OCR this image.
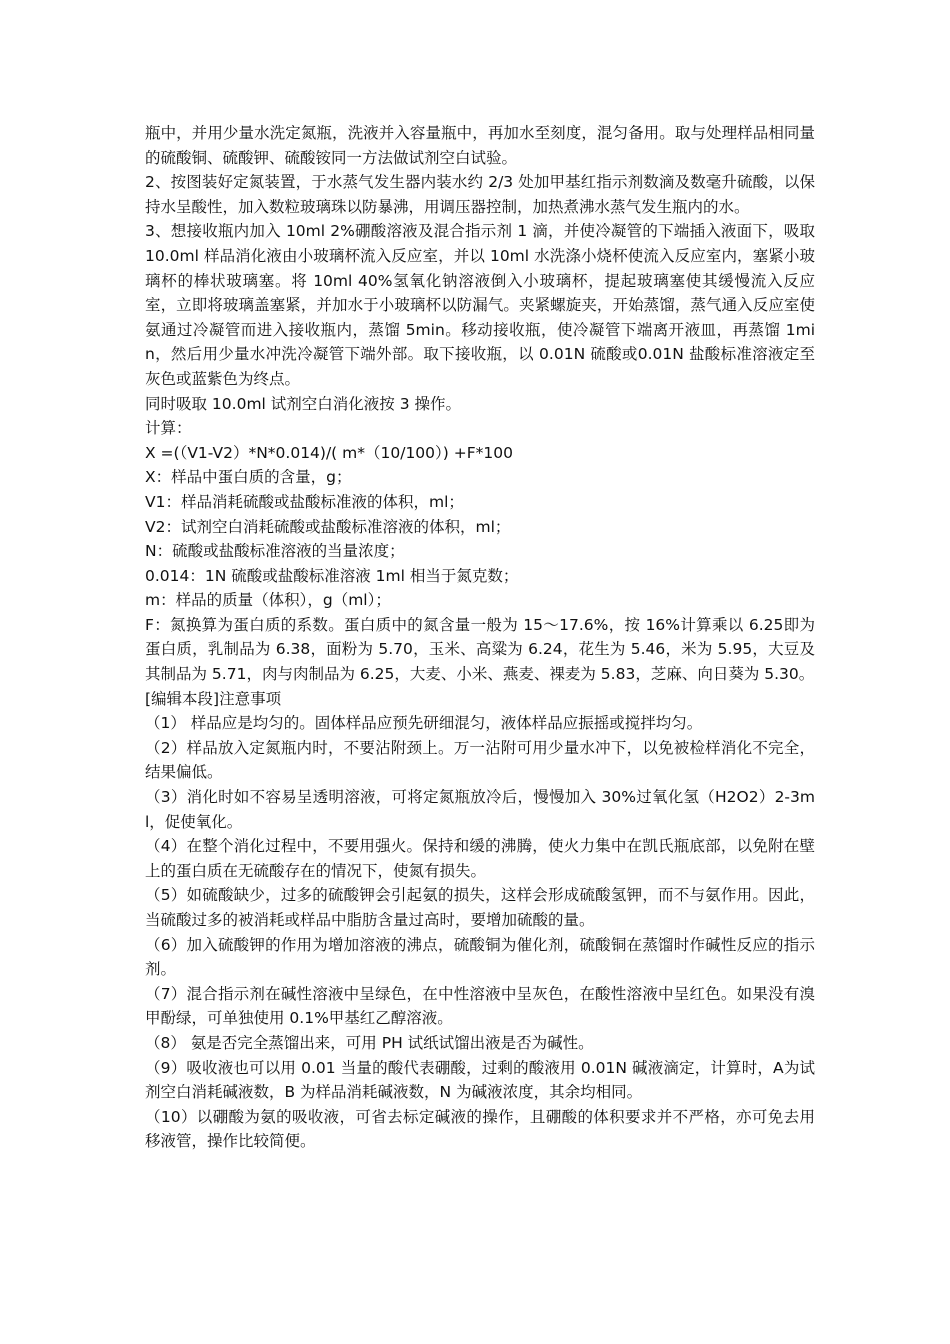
瓶中，并用少量水洗定氮瓶，洗液并入容量瓶中，再加水至刻度，混匀备用。取与处理样品相同量的硫酸铜、硫酸钾、硫酸铵同一方法做试剂空白试验。

2、按图装好定氮装置，于水蒸气发生器内装水约 2/3 处加甲基红指示剂数滴及数毫升硫酸，以保持水呈酸性，加入数粒玻璃珠以防暴沸，用调压器控制，加热煮沸水蒸气发生瓶内的水。

3、想接收瓶内加入 10ml 2%硼酸溶液及混合指示剂 1 滴，并使冷凝管的下端插入液面下，吸取 10.0ml 样品消化液由小玻璃杯流入反应室，并以 10ml 水洗涤小烧杯使流入反应室内，塞紧小玻璃杯的棒状玻璃塞。将 10ml 40%氢氧化钠溶液倒入小玻璃杯，提起玻璃塞使其缓慢流入反应室，立即将玻璃盖塞紧，并加水于小玻璃杯以防漏气。夹紧螺旋夹，开始蒸馏，蒸气通入反应室使氨通过冷凝管而进入接收瓶内，蒸馏 5min。移动接收瓶，使冷凝管下端离开液皿，再蒸馏 1min，然后用少量水冲洗冷凝管下端外部。取下接收瓶，以 0.01N 硫酸或0.01N 盐酸标准溶液定至灰色或蓝紫色为终点。

同时吸取 10.0ml 试剂空白消化液按 3 操作。

计算：

X =(（V1-V2）*N*0.014)/( m*（10/100）) +F*100

X：样品中蛋白质的含量，g；

V1：样品消耗硫酸或盐酸标准液的体积，ml；

V2：试剂空白消耗硫酸或盐酸标准溶液的体积，ml；

N：硫酸或盐酸标准溶液的当量浓度；

0.014：1N 硫酸或盐酸标准溶液 1ml 相当于氮克数；

m：样品的质量（体积），g（ml）；

F：氮换算为蛋白质的系数。蛋白质中的氮含量一般为 15～17.6%，按 16%计算乘以 6.25即为蛋白质，乳制品为 6.38，面粉为 5.70，玉米、高粱为 6.24，花生为 5.46，米为 5.95，大豆及其制品为 5.71，肉与肉制品为 6.25，大麦、小米、燕麦、裸麦为 5.83，芝麻、向日葵为 5.30。

[编辑本段]注意事项

（1） 样品应是均匀的。固体样品应预先研细混匀，液体样品应振摇或搅拌均匀。

（2）样品放入定氮瓶内时，不要沾附颈上。万一沾附可用少量水冲下，以免被检样消化不完全，结果偏低。

（3）消化时如不容易呈透明溶液，可将定氮瓶放冷后，慢慢加入 30%过氧化氢（H2O2）2-3ml，促使氧化。

（4）在整个消化过程中，不要用强火。保持和缓的沸腾，使火力集中在凯氏瓶底部，以免附在壁上的蛋白质在无硫酸存在的情况下，使氮有损失。

（5）如硫酸缺少，过多的硫酸钾会引起氨的损失，这样会形成硫酸氢钾，而不与氨作用。因此，当硫酸过多的被消耗或样品中脂肪含量过高时，要增加硫酸的量。

（6）加入硫酸钾的作用为增加溶液的沸点，硫酸铜为催化剂，硫酸铜在蒸馏时作碱性反应的指示剂。

（7）混合指示剂在碱性溶液中呈绿色，在中性溶液中呈灰色，在酸性溶液中呈红色。如果没有溴甲酚绿，可单独使用 0.1%甲基红乙醇溶液。

（8） 氨是否完全蒸馏出来，可用 PH 试纸试馏出液是否为碱性。

（9）吸收液也可以用 0.01 当量的酸代表硼酸，过剩的酸液用 0.01N 碱液滴定，计算时，A为试剂空白消耗碱液数，B 为样品消耗碱液数，N 为碱液浓度，其余均相同。

（10）以硼酸为氨的吸收液，可省去标定碱液的操作，且硼酸的体积要求并不严格，亦可免去用移液管，操作比较简便。
